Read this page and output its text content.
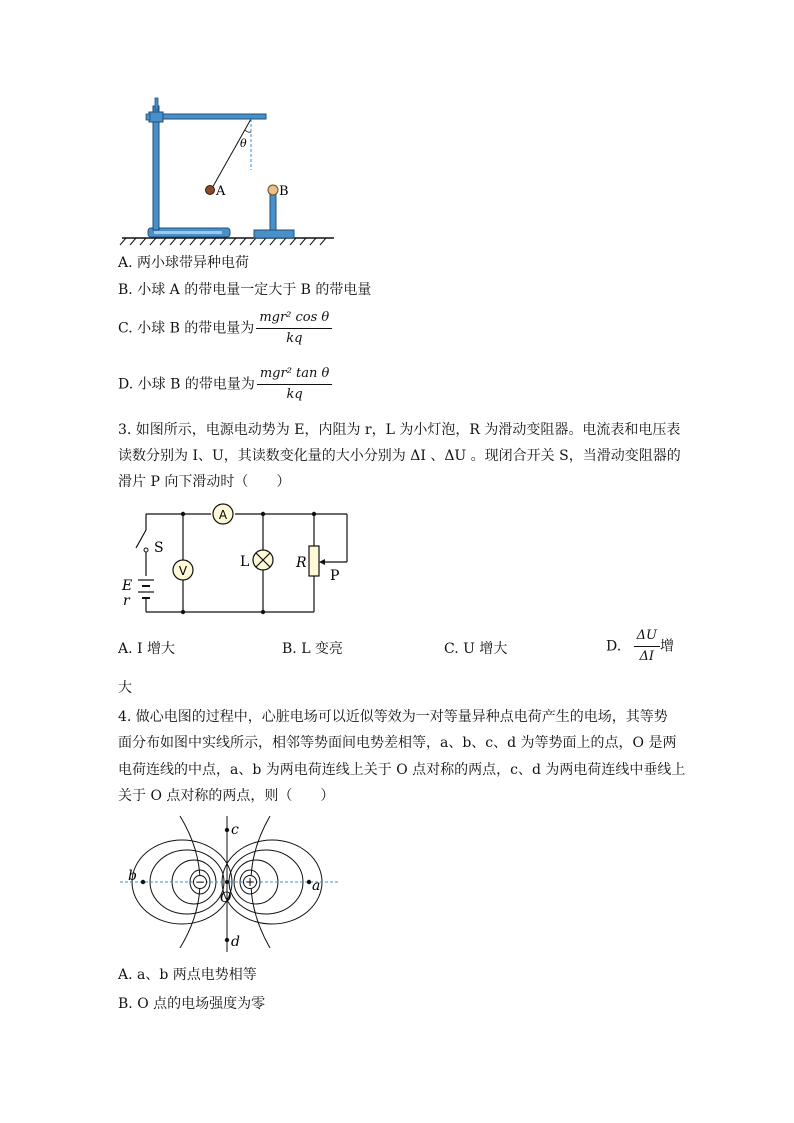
θ
A	B
A. 两小球带异种电荷
B. 小球 A 的带电量一定大于 B 的带电量
C. 小球 B 的带电量为 $\frac{\text{mgr² cos θ}}{kq}$
D. 小球 B 的带电量为 $\frac{\text{mgr² tan θ}}{kq}$
3. 如图所示，电源电动势为 E，内阻为 r，L 为小灯泡，R 为滑动变阻器。电流表和电压表
读数分别为 I、U，其读数变化量的大小分别为 ΔI 、ΔU 。现闭合开关 S，当滑动变阻器的
滑片 P 向下滑动时（　　）
A
V
S
E
r
L	R
P
A. I 增大	B. L 变亮	C. U 增大	D. $\frac{\Delta U}{\Delta I}$ 增
大
4. 做心电图的过程中，心脏电场可以近似等效为一对等量异种点电荷产生的电场，其等势
面分布如图中实线所示，相邻等势面间电势差相等，a、b、c、d 为等势面上的点，O 是两
电荷连线的中点，a、b 为两电荷连线上关于 O 点对称的两点，c、d 为两电荷连线中垂线上
关于 O 点对称的两点，则（　　）
−	+
c
d
O
b
a
A. a、b 两点电势相等
B. O 点的电场强度为零
